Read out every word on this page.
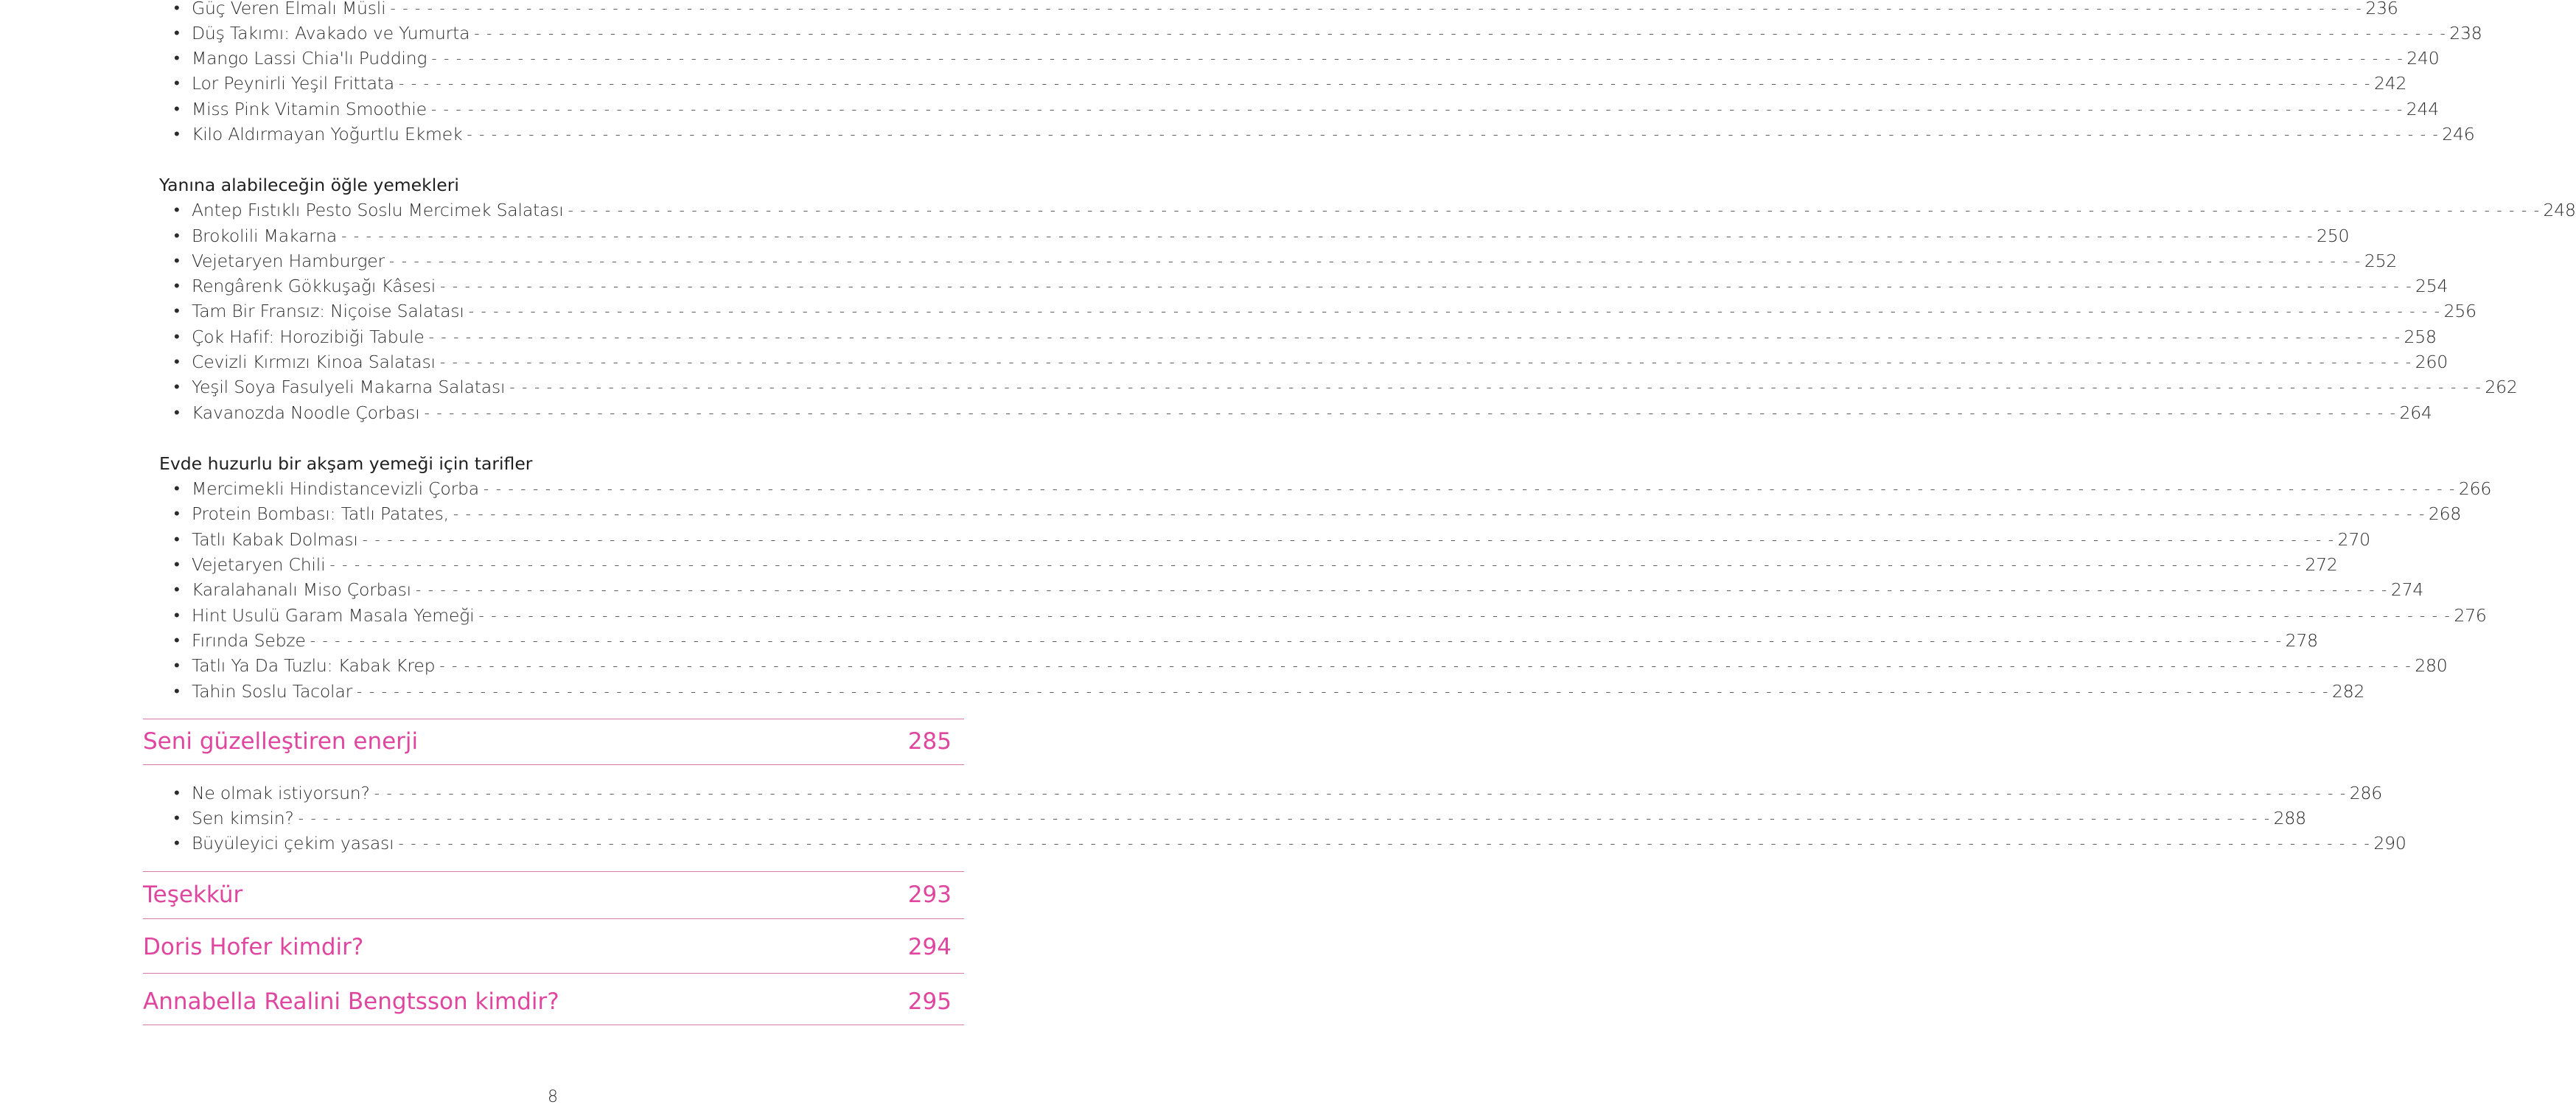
• Güç Veren Elmalı Müsli - - - - - - - - - - - - - - - - - - - - - - - - - - - - - - - - - - - - - - - - - - - - - - - - - - - - - - - - - - - - - - - - - - - - - - - - - - - - - - - - - - - - - - - - - - - - - - - - - - - - - - - - - - - - - - - - - - - - - - - - - - - - - - - - - - - - - - - - - - - - - - - - - - - - - - - - - - - - - - - - 236
• Düş Takımı: Avakado ve Yumurta - - - - - - - - - - - - - - - - - - - - - - - - - - - - - - - - - - - - - - - - - - - - - - - - - - - - - - - - - - - - - - - - - - - - - - - - - - - - - - - - - - - - - - - - - - - - - - - - - - - - - - - - - - - - - - - - - - - - - - - - - - - - - - - - - - - - - - - - - - - - - - - - - - - - - - - - - - - - - - - - 238
• Mango Lassi Chia'lı Pudding - - - - - - - - - - - - - - - - - - - - - - - - - - - - - - - - - - - - - - - - - - - - - - - - - - - - - - - - - - - - - - - - - - - - - - - - - - - - - - - - - - - - - - - - - - - - - - - - - - - - - - - - - - - - - - - - - - - - - - - - - - - - - - - - - - - - - - - - - - - - - - - - - - - - - - - - - - - - - - - - 240
• Lor Peynirli Yeşil Frittata - - - - - - - - - - - - - - - - - - - - - - - - - - - - - - - - - - - - - - - - - - - - - - - - - - - - - - - - - - - - - - - - - - - - - - - - - - - - - - - - - - - - - - - - - - - - - - - - - - - - - - - - - - - - - - - - - - - - - - - - - - - - - - - - - - - - - - - - - - - - - - - - - - - - - - - - - - - - - - - - 242
• Miss Pink Vitamin Smoothie - - - - - - - - - - - - - - - - - - - - - - - - - - - - - - - - - - - - - - - - - - - - - - - - - - - - - - - - - - - - - - - - - - - - - - - - - - - - - - - - - - - - - - - - - - - - - - - - - - - - - - - - - - - - - - - - - - - - - - - - - - - - - - - - - - - - - - - - - - - - - - - - - - - - - - - - - - - - - - - - 244
• Kilo Aldırmayan Yoğurtlu Ekmek - - - - - - - - - - - - - - - - - - - - - - - - - - - - - - - - - - - - - - - - - - - - - - - - - - - - - - - - - - - - - - - - - - - - - - - - - - - - - - - - - - - - - - - - - - - - - - - - - - - - - - - - - - - - - - - - - - - - - - - - - - - - - - - - - - - - - - - - - - - - - - - - - - - - - - - - - - - - - - - - 246
Yanına alabileceğin öğle yemekleri
• Antep Fıstıklı Pesto Soslu Mercimek Salatası - - - - - - - - - - - - - - - - - - - - - - - - - - - - - - - - - - - - - - - - - - - - - - - - - - - - - - - - - - - - - - - - - - - - - - - - - - - - - - - - - - - - - - - - - - - - - - - - - - - - - - - - - - - - - - - - - - - - - - - - - - - - - - - - - - - - - - - - - - - - - - - - - - - - - - - - - - - - - - - - 248
• Brokolili Makarna - - - - - - - - - - - - - - - - - - - - - - - - - - - - - - - - - - - - - - - - - - - - - - - - - - - - - - - - - - - - - - - - - - - - - - - - - - - - - - - - - - - - - - - - - - - - - - - - - - - - - - - - - - - - - - - - - - - - - - - - - - - - - - - - - - - - - - - - - - - - - - - - - - - - - - - - - - - - - - - - 250
• Vejetaryen Hamburger - - - - - - - - - - - - - - - - - - - - - - - - - - - - - - - - - - - - - - - - - - - - - - - - - - - - - - - - - - - - - - - - - - - - - - - - - - - - - - - - - - - - - - - - - - - - - - - - - - - - - - - - - - - - - - - - - - - - - - - - - - - - - - - - - - - - - - - - - - - - - - - - - - - - - - - - - - - - - - - - 252
• Rengârenk Gökkuşağı Kâsesi - - - - - - - - - - - - - - - - - - - - - - - - - - - - - - - - - - - - - - - - - - - - - - - - - - - - - - - - - - - - - - - - - - - - - - - - - - - - - - - - - - - - - - - - - - - - - - - - - - - - - - - - - - - - - - - - - - - - - - - - - - - - - - - - - - - - - - - - - - - - - - - - - - - - - - - - - - - - - - - - 254
• Tam Bir Fransız: Niçoise Salatası - - - - - - - - - - - - - - - - - - - - - - - - - - - - - - - - - - - - - - - - - - - - - - - - - - - - - - - - - - - - - - - - - - - - - - - - - - - - - - - - - - - - - - - - - - - - - - - - - - - - - - - - - - - - - - - - - - - - - - - - - - - - - - - - - - - - - - - - - - - - - - - - - - - - - - - - - - - - - - - - 256
• Çok Hafif: Horozibiği Tabule - - - - - - - - - - - - - - - - - - - - - - - - - - - - - - - - - - - - - - - - - - - - - - - - - - - - - - - - - - - - - - - - - - - - - - - - - - - - - - - - - - - - - - - - - - - - - - - - - - - - - - - - - - - - - - - - - - - - - - - - - - - - - - - - - - - - - - - - - - - - - - - - - - - - - - - - - - - - - - - - 258
• Cevizli Kırmızı Kinoa Salatası - - - - - - - - - - - - - - - - - - - - - - - - - - - - - - - - - - - - - - - - - - - - - - - - - - - - - - - - - - - - - - - - - - - - - - - - - - - - - - - - - - - - - - - - - - - - - - - - - - - - - - - - - - - - - - - - - - - - - - - - - - - - - - - - - - - - - - - - - - - - - - - - - - - - - - - - - - - - - - - - 260
• Yeşil Soya Fasulyeli Makarna Salatası - - - - - - - - - - - - - - - - - - - - - - - - - - - - - - - - - - - - - - - - - - - - - - - - - - - - - - - - - - - - - - - - - - - - - - - - - - - - - - - - - - - - - - - - - - - - - - - - - - - - - - - - - - - - - - - - - - - - - - - - - - - - - - - - - - - - - - - - - - - - - - - - - - - - - - - - - - - - - - - - 262
• Kavanozda Noodle Çorbası - - - - - - - - - - - - - - - - - - - - - - - - - - - - - - - - - - - - - - - - - - - - - - - - - - - - - - - - - - - - - - - - - - - - - - - - - - - - - - - - - - - - - - - - - - - - - - - - - - - - - - - - - - - - - - - - - - - - - - - - - - - - - - - - - - - - - - - - - - - - - - - - - - - - - - - - - - - - - - - - 264
Evde huzurlu bir akşam yemeği için tarifler
• Mercimekli Hindistancevizli Çorba - - - - - - - - - - - - - - - - - - - - - - - - - - - - - - - - - - - - - - - - - - - - - - - - - - - - - - - - - - - - - - - - - - - - - - - - - - - - - - - - - - - - - - - - - - - - - - - - - - - - - - - - - - - - - - - - - - - - - - - - - - - - - - - - - - - - - - - - - - - - - - - - - - - - - - - - - - - - - - - - 266
• Protein Bombası: Tatlı Patates, - - - - - - - - - - - - - - - - - - - - - - - - - - - - - - - - - - - - - - - - - - - - - - - - - - - - - - - - - - - - - - - - - - - - - - - - - - - - - - - - - - - - - - - - - - - - - - - - - - - - - - - - - - - - - - - - - - - - - - - - - - - - - - - - - - - - - - - - - - - - - - - - - - - - - - - - - - - - - - - - 268
• Tatlı Kabak Dolması - - - - - - - - - - - - - - - - - - - - - - - - - - - - - - - - - - - - - - - - - - - - - - - - - - - - - - - - - - - - - - - - - - - - - - - - - - - - - - - - - - - - - - - - - - - - - - - - - - - - - - - - - - - - - - - - - - - - - - - - - - - - - - - - - - - - - - - - - - - - - - - - - - - - - - - - - - - - - - - - 270
• Vejetaryen Chili - - - - - - - - - - - - - - - - - - - - - - - - - - - - - - - - - - - - - - - - - - - - - - - - - - - - - - - - - - - - - - - - - - - - - - - - - - - - - - - - - - - - - - - - - - - - - - - - - - - - - - - - - - - - - - - - - - - - - - - - - - - - - - - - - - - - - - - - - - - - - - - - - - - - - - - - - - - - - - - - 272
• Karalahanalı Miso Çorbası - - - - - - - - - - - - - - - - - - - - - - - - - - - - - - - - - - - - - - - - - - - - - - - - - - - - - - - - - - - - - - - - - - - - - - - - - - - - - - - - - - - - - - - - - - - - - - - - - - - - - - - - - - - - - - - - - - - - - - - - - - - - - - - - - - - - - - - - - - - - - - - - - - - - - - - - - - - - - - - - 274
• Hint Usulü Garam Masala Yemeği - - - - - - - - - - - - - - - - - - - - - - - - - - - - - - - - - - - - - - - - - - - - - - - - - - - - - - - - - - - - - - - - - - - - - - - - - - - - - - - - - - - - - - - - - - - - - - - - - - - - - - - - - - - - - - - - - - - - - - - - - - - - - - - - - - - - - - - - - - - - - - - - - - - - - - - - - - - - - - - - 276
• Fırında Sebze - - - - - - - - - - - - - - - - - - - - - - - - - - - - - - - - - - - - - - - - - - - - - - - - - - - - - - - - - - - - - - - - - - - - - - - - - - - - - - - - - - - - - - - - - - - - - - - - - - - - - - - - - - - - - - - - - - - - - - - - - - - - - - - - - - - - - - - - - - - - - - - - - - - - - - - - - - - - - - - - 278
• Tatlı Ya Da Tuzlu: Kabak Krep - - - - - - - - - - - - - - - - - - - - - - - - - - - - - - - - - - - - - - - - - - - - - - - - - - - - - - - - - - - - - - - - - - - - - - - - - - - - - - - - - - - - - - - - - - - - - - - - - - - - - - - - - - - - - - - - - - - - - - - - - - - - - - - - - - - - - - - - - - - - - - - - - - - - - - - - - - - - - - - - 280
• Tahin Soslu Tacolar - - - - - - - - - - - - - - - - - - - - - - - - - - - - - - - - - - - - - - - - - - - - - - - - - - - - - - - - - - - - - - - - - - - - - - - - - - - - - - - - - - - - - - - - - - - - - - - - - - - - - - - - - - - - - - - - - - - - - - - - - - - - - - - - - - - - - - - - - - - - - - - - - - - - - - - - - - - - - - - - 282
Seni güzelleştiren enerji	285
• Ne olmak istiyorsun? - - - - - - - - - - - - - - - - - - - - - - - - - - - - - - - - - - - - - - - - - - - - - - - - - - - - - - - - - - - - - - - - - - - - - - - - - - - - - - - - - - - - - - - - - - - - - - - - - - - - - - - - - - - - - - - - - - - - - - - - - - - - - - - - - - - - - - - - - - - - - - - - - - - - - - - - - - - - - - - - 286
• Sen kimsin? - - - - - - - - - - - - - - - - - - - - - - - - - - - - - - - - - - - - - - - - - - - - - - - - - - - - - - - - - - - - - - - - - - - - - - - - - - - - - - - - - - - - - - - - - - - - - - - - - - - - - - - - - - - - - - - - - - - - - - - - - - - - - - - - - - - - - - - - - - - - - - - - - - - - - - - - - - - - - - - - 288
• Büyüleyici çekim yasası - - - - - - - - - - - - - - - - - - - - - - - - - - - - - - - - - - - - - - - - - - - - - - - - - - - - - - - - - - - - - - - - - - - - - - - - - - - - - - - - - - - - - - - - - - - - - - - - - - - - - - - - - - - - - - - - - - - - - - - - - - - - - - - - - - - - - - - - - - - - - - - - - - - - - - - - - - - - - - - - 290
Teşekkür	293
Doris Hofer kimdir?	294
Annabella Realini Bengtsson kimdir?	295
8
